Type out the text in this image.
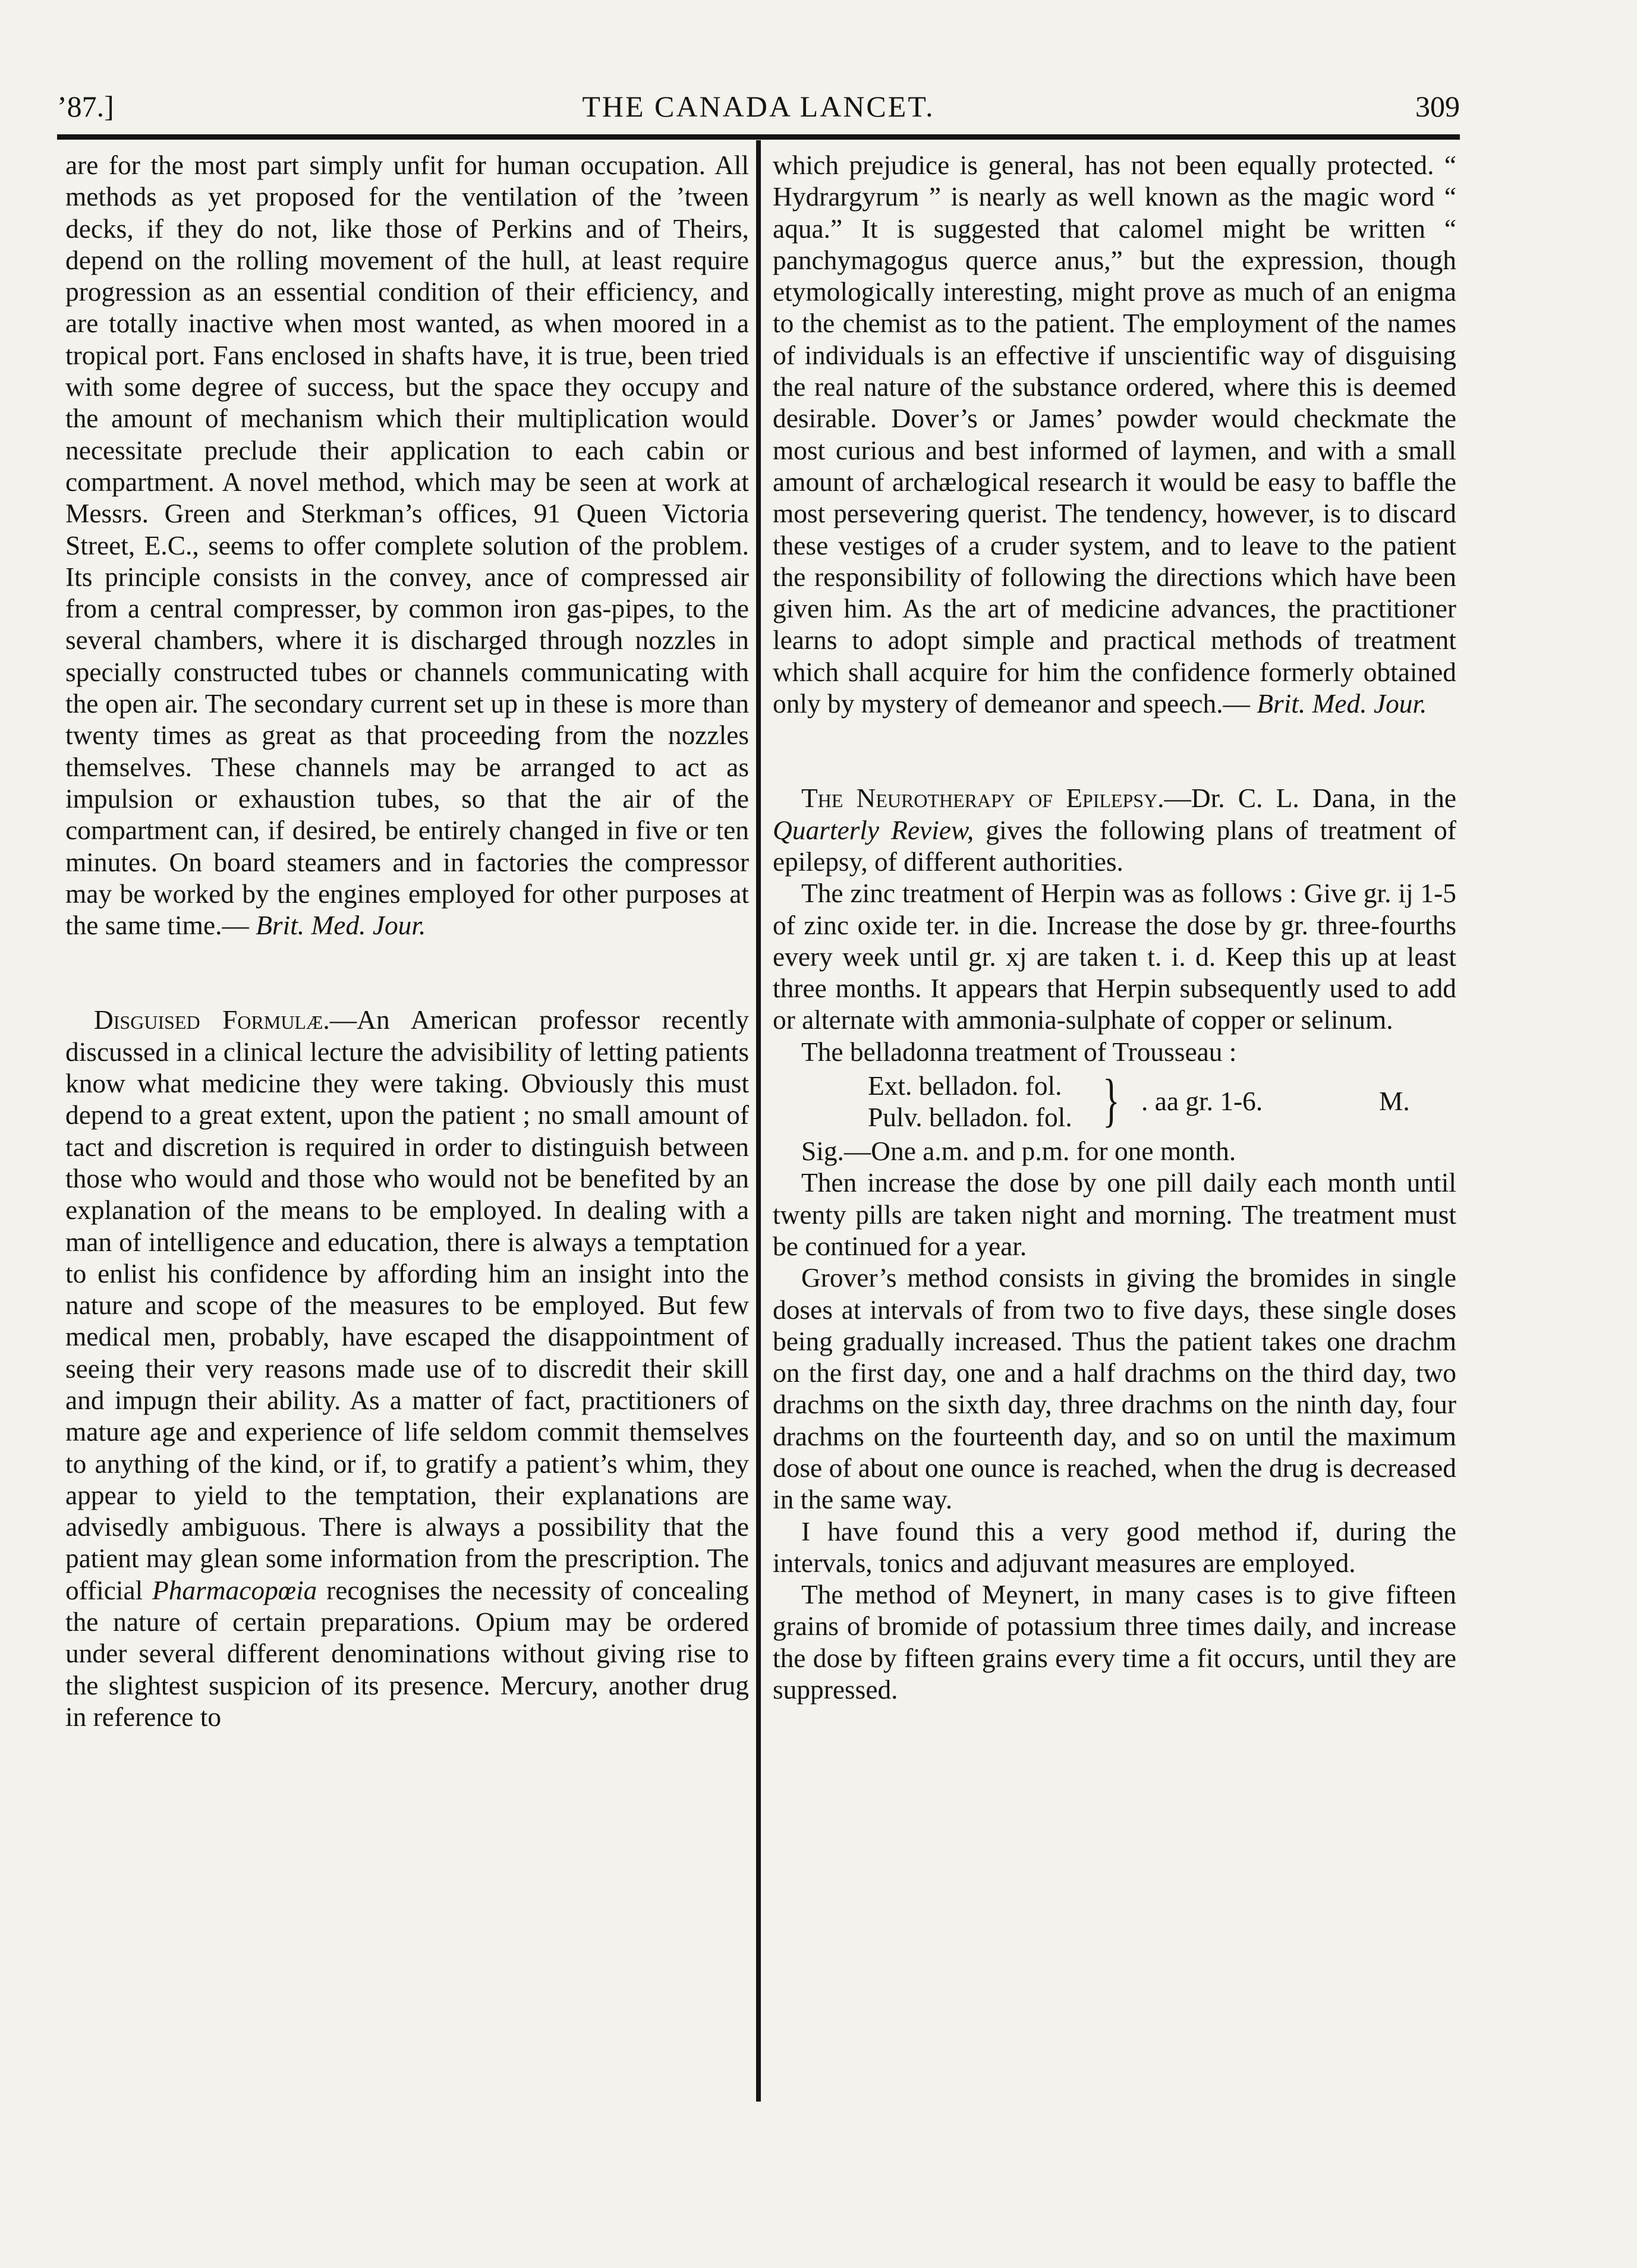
’87.]	THE CANADA LANCET.	309

are for the most part simply unfit for human occupation. All methods as yet proposed for the ventilation of the ’tween decks, if they do not, like those of Perkins and of Theirs, depend on the rolling movement of the hull, at least require progression as an essential condition of their efficiency, and are totally inactive when most wanted, as when moored in a tropical port. Fans enclosed in shafts have, it is true, been tried with some degree of success, but the space they occupy and the amount of mechanism which their multiplication would necessitate preclude their application to each cabin or compartment. A novel method, which may be seen at work at Messrs. Green and Sterkman’s offices, 91 Queen Victoria Street, E.C., seems to offer complete solution of the problem. Its principle consists in the convey, ance of compressed air from a central compresser, by common iron gas-pipes, to the several chambers, where it is discharged through nozzles in specially constructed tubes or channels communicating with the open air. The secondary current set up in these is more than twenty times as great as that proceeding from the nozzles themselves. These channels may be arranged to act as impulsion or exhaustion tubes, so that the air of the compartment can, if desired, be entirely changed in five or ten minutes. On board steamers and in factories the compressor may be worked by the engines employed for other purposes at the same time.— Brit. Med. Jour.

Disguised Formulæ.—An American professor recently discussed in a clinical lecture the advisibility of letting patients know what medicine they were taking. Obviously this must depend to a great extent, upon the patient ; no small amount of tact and discretion is required in order to distinguish between those who would and those who would not be benefited by an explanation of the means to be employed. In dealing with a man of intelligence and education, there is always a temptation to enlist his confidence by affording him an insight into the nature and scope of the measures to be employed. But few medical men, probably, have escaped the disappointment of seeing their very reasons made use of to discredit their skill and impugn their ability. As a matter of fact, practitioners of mature age and experience of life seldom commit themselves to anything of the kind, or if, to gratify a patient’s whim, they appear to yield to the temptation, their explanations are advisedly ambiguous. There is always a possibility that the patient may glean some information from the prescription. The official Pharmacopœia recognises the necessity of concealing the nature of certain preparations. Opium may be ordered under several different denominations without giving rise to the slightest suspicion of its presence. Mercury, another drug in reference to

which prejudice is general, has not been equally protected. “ Hydrargyrum ” is nearly as well known as the magic word “ aqua.” It is suggested that calomel might be written “ panchymagogus querce anus,” but the expression, though etymologically interesting, might prove as much of an enigma to the chemist as to the patient. The employment of the names of individuals is an effective if unscientific way of disguising the real nature of the substance ordered, where this is deemed desirable. Dover’s or James’ powder would checkmate the most curious and best informed of laymen, and with a small amount of archælogical research it would be easy to baffle the most persevering querist. The tendency, however, is to discard these vestiges of a cruder system, and to leave to the patient the responsibility of following the directions which have been given him. As the art of medicine advances, the practitioner learns to adopt simple and practical methods of treatment which shall acquire for him the confidence formerly obtained only by mystery of demeanor and speech.— Brit. Med. Jour.

The Neurotherapy of Epilepsy.—Dr. C. L. Dana, in the Quarterly Review, gives the following plans of treatment of epilepsy, of different authorities.

The zinc treatment of Herpin was as follows : Give gr. ij 1-5 of zinc oxide ter. in die. Increase the dose by gr. three-fourths every week until gr. xj are taken t. i. d. Keep this up at least three months. It appears that Herpin subsequently used to add or alternate with ammonia-sulphate of copper or selinum.

The belladonna treatment of Trousseau :

Ext. belladon. fol.
Pulv. belladon. fol. } . aa gr. 1-6.	M.

Sig.—One a.m. and p.m. for one month.

Then increase the dose by one pill daily each month until twenty pills are taken night and morning. The treatment must be continued for a year.

Grover’s method consists in giving the bromides in single doses at intervals of from two to five days, these single doses being gradually increased. Thus the patient takes one drachm on the first day, one and a half drachms on the third day, two drachms on the sixth day, three drachms on the ninth day, four drachms on the fourteenth day, and so on until the maximum dose of about one ounce is reached, when the drug is decreased in the same way.

I have found this a very good method if, during the intervals, tonics and adjuvant measures are employed.

The method of Meynert, in many cases is to give fifteen grains of bromide of potassium three times daily, and increase the dose by fifteen grains every time a fit occurs, until they are suppressed.
